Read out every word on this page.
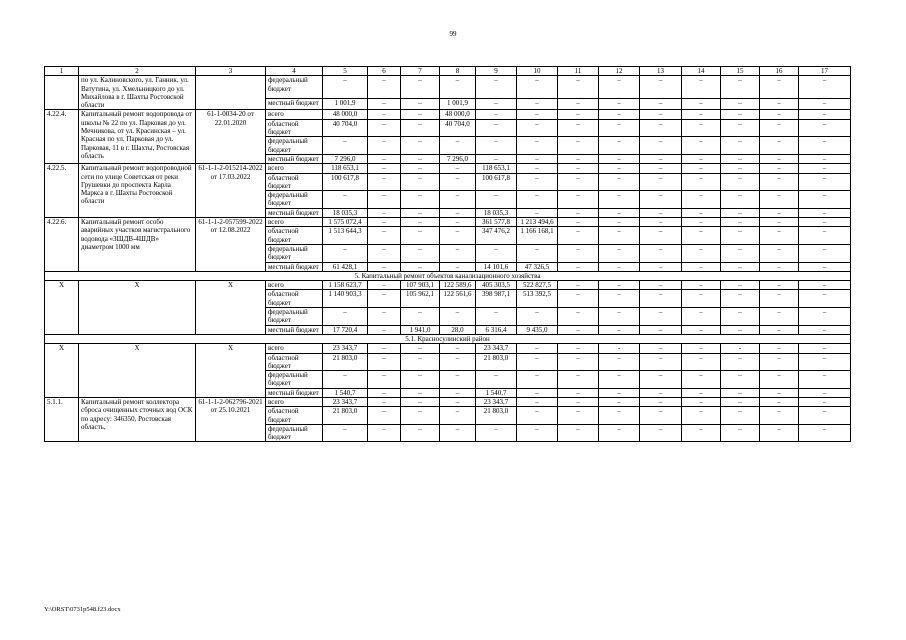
99
1	2	3	4	5	6	7	8	9	10	11	12	13	14	15	16	17
	по ул. Калиновского, ул. Ганник, ул. Ватутина, ул. Хмельницкого до ул. Михайлова в г. Шахты Ростовской области		федеральный бюджет	–	–	–	–	–	–	–	–	–	–	–	–	–
			местный бюджет	1 001,9	–	–	1 001,9	–	–	–	–	–	–	–	–	–
4.22.4.	Капитальный ремонт водопровода от школы № 22 по ул. Парковая до ул. Мечникова, от ул. Красинская – ул. Красная по ул. Парковая до ул. Парковая, 11 в г. Шахты, Ростовская область	61-1-0034-20 от 22.01.2020	всего	48 000,0	–	–	48 000,0	–	–	–	–	–	–	–	–	–
			областной бюджет	40 704,0	–	–	40 704,0	–	–	–	–	–	–	–	–	–
			федеральный бюджет	–	–	–	–	–	–	–	–	–	–	–	–	–
			местный бюджет	7 296,0	–	–	7 296,0	–	–	–	–	–	–	–	–	–
4.22.5.	Капитальный ремонт водопроводной сети по улице Советская от реки Грушевки до проспекта Карла Маркса в г. Шахты Ростовской области	61-1-1-2-015214-2022 от 17.03.2022	всего	118 653,1	–	–	–	118 653,1	–	–	–	–	–	–	–	–
			областной бюджет	100 617,8	–	–	–	100 617,8	–	–	–	–	–	–	–	–
			федеральный бюджет	–	–	–	–	–	–	–	–	–	–	–	–	–
			местный бюджет	18 035,3	–	–	–	18 035,3	–	–	–	–	–	–	–	–
4.22.6.	Капитальный ремонт особо аварийных участков магистрального водовода «ЗШДВ-4ШДВ» диаметром 1000 мм	61-1-1-2-057599-2022 от 12.08.2022	всего	1 575 072,4	–	–	–	361 577,8	1 213 494,6	–	–	–	–	–	–	–
			областной бюджет	1 513 644,3	–	–	–	347 476,2	1 166 168,1	–	–	–	–	–	–	–
			федеральный бюджет	–	–	–	–	–	–	–	–	–	–	–	–	–
			местный бюджет	61 428,1	–	–	–	14 101,6	47 326,5	–	–	–	–	–	–	–
5. Капитальный ремонт объектов канализационного хозяйства																
Х	Х	Х	всего	1 158 623,7	–	107 903,1	122 589,6	405 303,5	522 827,5	–	–	–	–	–	–	–
			областной бюджет	1 140 903,3	–	105 962,1	122 561,6	398 987,1	513 392,5	–	–	–	–	–	–	–
			федеральный бюджет	–	–	–	–	–	–	–	–	–	–	–	–	–
			местный бюджет	17 720,4	–	1 941,0	28,0	6 316,4	9 435,0	–	–	–	–	–	–	–
5.1. Красносулинский район																
Х	Х	Х	всего	23 343,7	–	–	–	23 343,7	–	–	-	–	–	-	–	–
			областной бюджет	21 803,0	–	–	–	21 803,0	–	–	–	–	–	–	–	–
			федеральный бюджет	–	–	–	–	–	–	–	–	–	–	–	–	–
			местный бюджет	1 540,7	–	–	–	1 540,7	–	–	–	–	–	–	–	–
5.1.1.	Капитальный ремонт коллектора сброса очищенных сточных вод ОСК по адресу: 346350, Ростовская область,	61-1-1-2-062796-2021 от 25.10.2021	всего	23 343,7	–	–	–	23 343,7	–	–	–	–	–	–	–	–
			областной бюджет	21 803,0	–	–	–	21 803,0	–	–	–	–	–	–	–	–
			федеральный бюджет	–	–	–	–	–	–	–	–	–	–	–	–	–
Y:\ORST\0731p548.f23.docx
